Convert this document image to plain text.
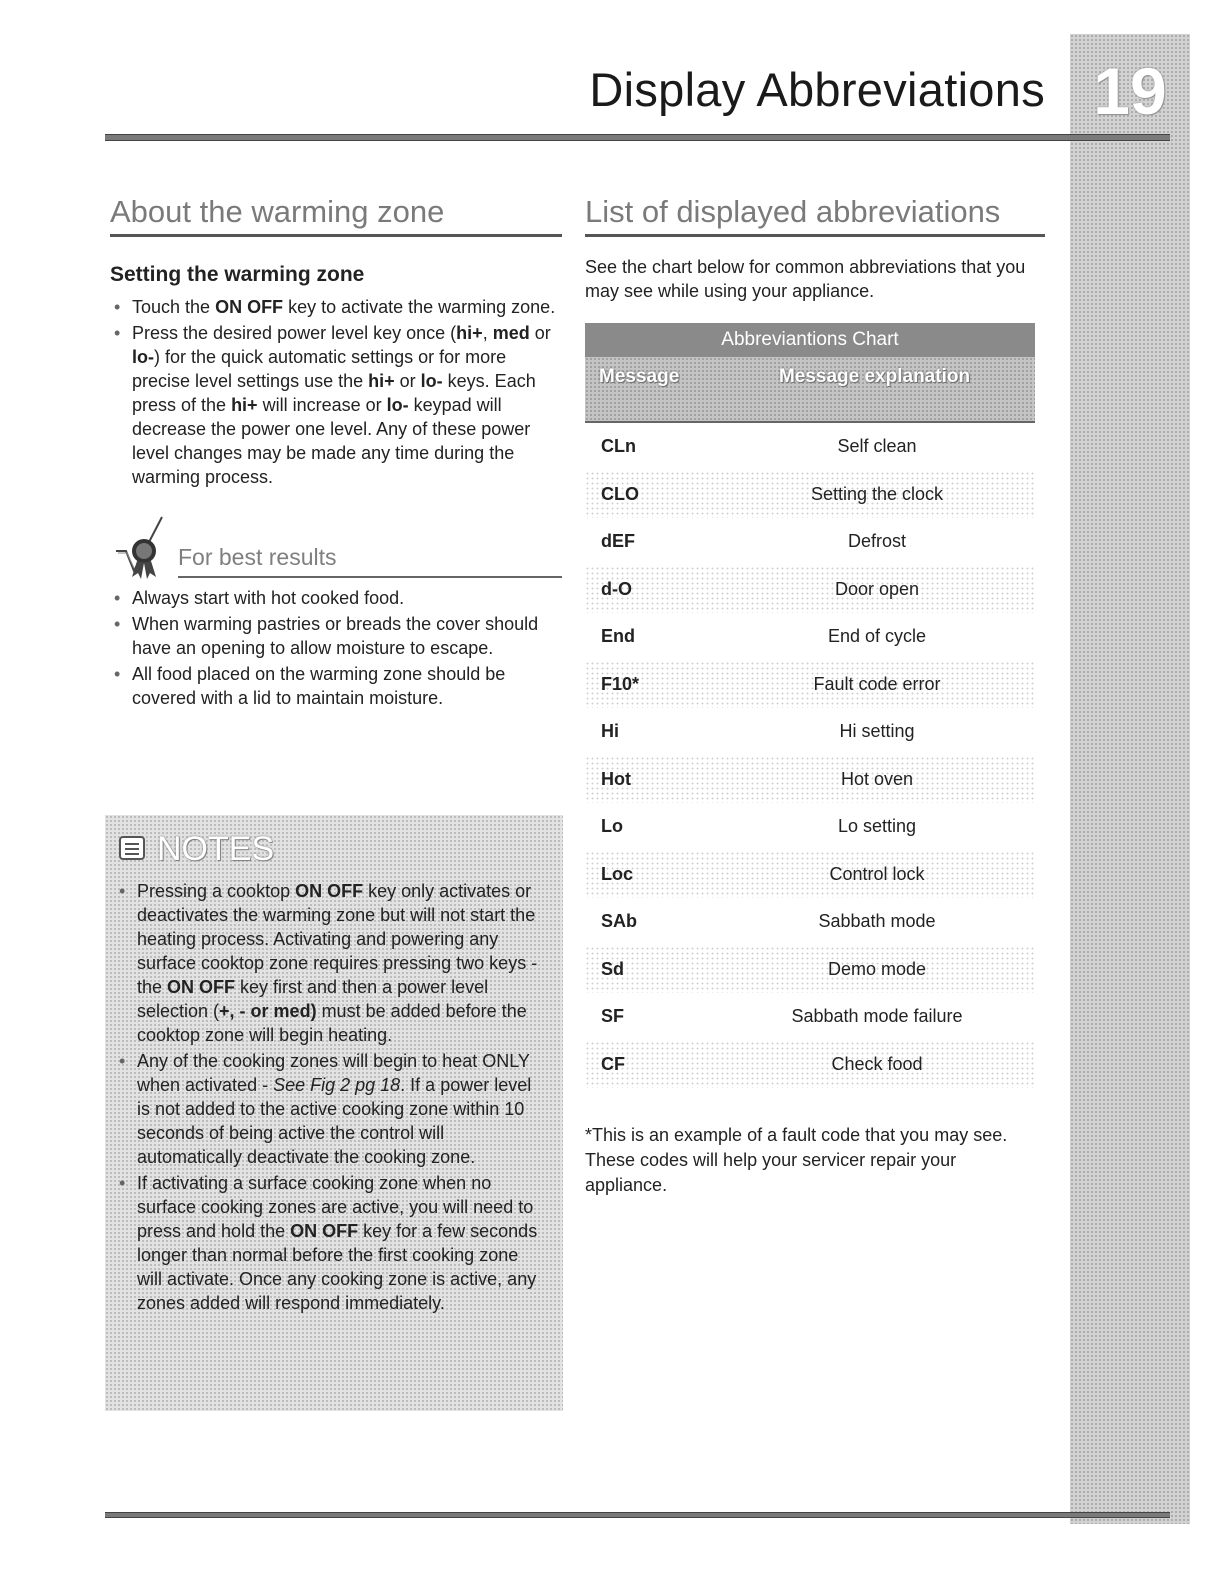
19
Display Abbreviations
About the warming zone
Setting the warming zone
• Touch the ON OFF key to activate the warming zone.
• Press the desired power level key once (hi+, med or lo-) for the quick automatic settings or for more precise level settings use the hi+ or lo- keys. Each press of the hi+ will increase or lo- keypad will decrease the power one level. Any of these power level changes may be made any time during the warming process.
For best results
• Always start with hot cooked food.
• When warming pastries or breads the cover should have an opening to allow moisture to escape.
• All food placed on the warming zone should be covered with a lid to maintain moisture.
NOTES
• Pressing a cooktop ON OFF key only activates or deactivates the warming zone but will not start the heating process. Activating and powering any surface cooktop zone requires pressing two keys - the ON OFF key first and then a power level selection (+, - or med) must be added before the cooktop zone will begin heating.
• Any of the cooking zones will begin to heat ONLY when activated - See Fig 2 pg 18. If a power level is not added to the active cooking zone within 10 seconds of being active the control will automatically deactivate the cooking zone.
• If activating a surface cooking zone when no surface cooking zones are active, you will need to press and hold the ON OFF key for a few seconds longer than normal before the first cooking zone will activate. Once any cooking zone is active, any zones added will respond immediately.
List of displayed abbreviations

See the chart below for common abbreviations that you may see while using your appliance.

Abbreviantions Chart
Message	Message explanation
CLn	Self clean
CLO	Setting the clock
dEF	Defrost
d-O	Door open
End	End of cycle
F10*	Fault code error
Hi	Hi setting
Hot	Hot oven
Lo	Lo setting
Loc	Control lock
SAb	Sabbath mode
Sd	Demo mode
SF	Sabbath mode failure
CF	Check food

*This is an example of a fault code that you may see. These codes will help your servicer repair your appliance.
